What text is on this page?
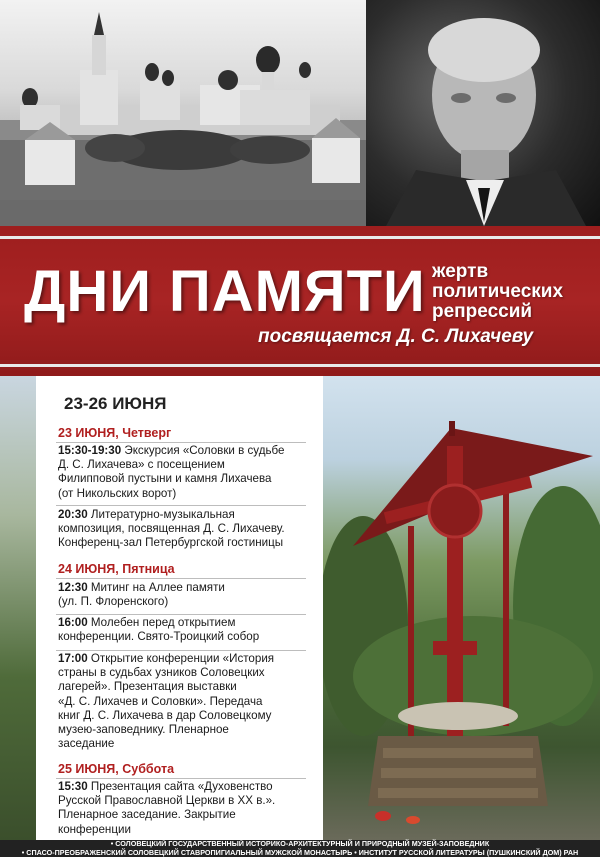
ДНИ ПАМЯТИ жертв
политических
репрессий
посвящается Д. С. Лихачеву
23-26 ИЮНЯ
23 ИЮНЯ, Четверг
15:30-19:30 Экскурсия «Соловки в судьбе
Д. С. Лихачева» с посещением
Филипповой пустыни и камня Лихачева
(от Никольских ворот)
20:30 Литературно-музыкальная
композиция, посвященная Д. С. Лихачеву.
Конференц-зал Петербургской гостиницы
24 ИЮНЯ, Пятница
12:30 Митинг на Аллее памяти
(ул. П. Флоренского)
16:00 Молебен перед открытием
конференции. Свято-Троицкий собор
17:00 Открытие конференции «История
страны в судьбах узников Соловецких
лагерей». Презентация выставки
«Д. С. Лихачев и Соловки». Передача
книг Д. С. Лихачева в дар Соловецкому
музею-заповеднику. Пленарное
заседание
25 ИЮНЯ, Суббота
15:30 Презентация сайта «Духовенство
Русской Православной Церкви в XX в.».
Пленарное заседание. Закрытие
конференции
• СОЛОВЕЦКИЙ ГОСУДАРСТВЕННЫЙ ИСТОРИКО-АРХИТЕКТУРНЫЙ И ПРИРОДНЫЙ МУЗЕЙ-ЗАПОВЕДНИК
• СПАСО-ПРЕОБРАЖЕНСКИЙ СОЛОВЕЦКИЙ СТАВРОПИГИАЛЬНЫЙ МУЖСКОЙ МОНАСТЫРЬ • ИНСТИТУТ РУССКОЙ ЛИТЕРАТУРЫ (ПУШКИНСКИЙ ДОМ) РАН
